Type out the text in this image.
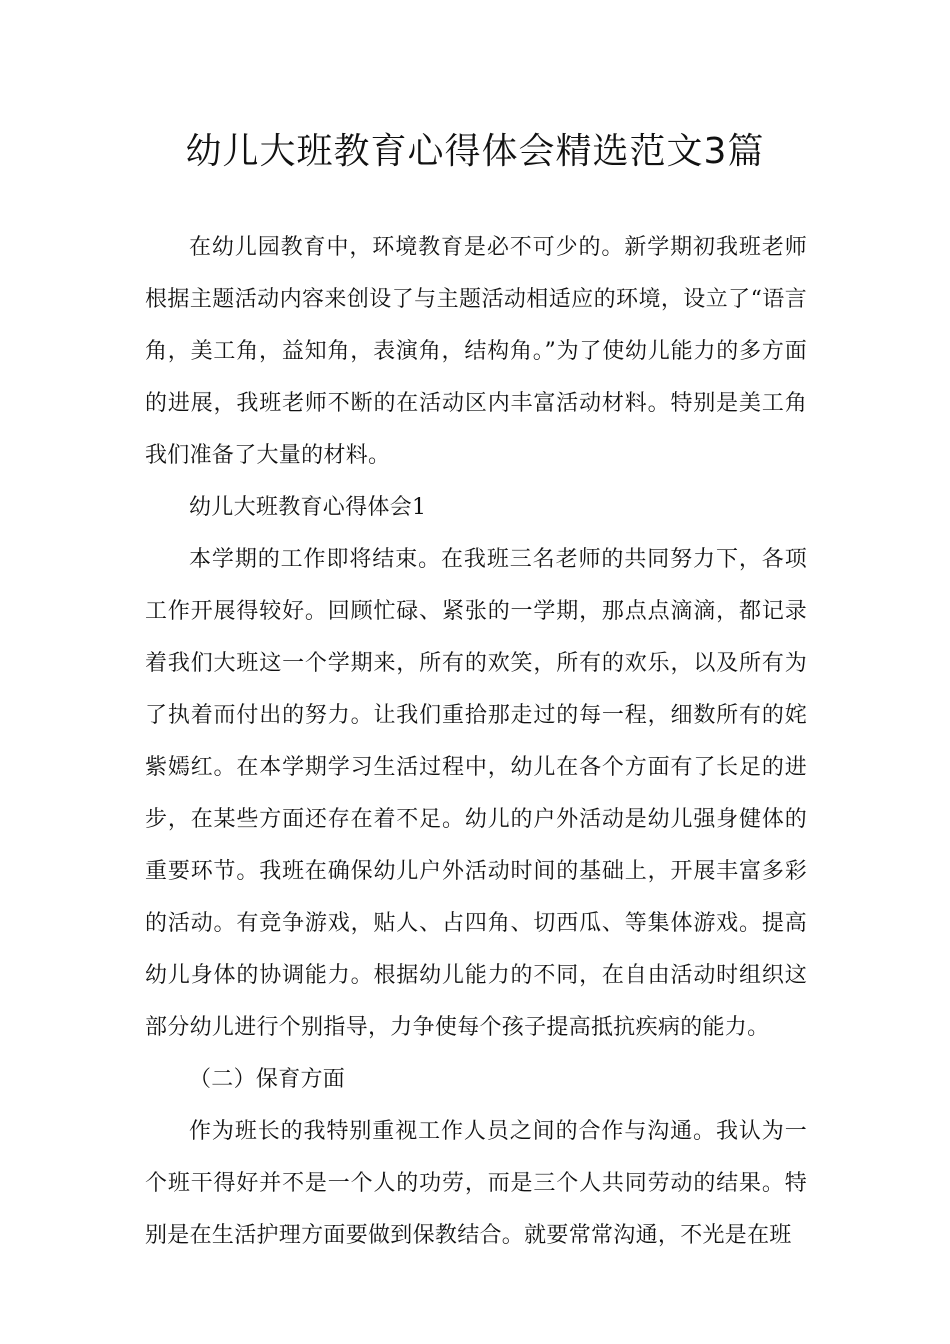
幼儿大班教育心得体会精选范文3篇

在幼儿园教育中，环境教育是必不可少的。新学期初我班老师根据主题活动内容来创设了与主题活动相适应的环境，设立了“语言角，美工角，益知角，表演角，结构角。”为了使幼儿能力的多方面的进展，我班老师不断的在活动区内丰富活动材料。特别是美工角我们准备了大量的材料。

幼儿大班教育心得体会1

本学期的工作即将结束。在我班三名老师的共同努力下，各项工作开展得较好。回顾忙碌、紧张的一学期，那点点滴滴，都记录着我们大班这一个学期来，所有的欢笑，所有的欢乐，以及所有为了执着而付出的努力。让我们重拾那走过的每一程，细数所有的姹紫嫣红。在本学期学习生活过程中，幼儿在各个方面有了长足的进步，在某些方面还存在着不足。幼儿的户外活动是幼儿强身健体的重要环节。我班在确保幼儿户外活动时间的基础上，开展丰富多彩的活动。有竞争游戏，贴人、占四角、切西瓜、等集体游戏。提高幼儿身体的协调能力。根据幼儿能力的不同，在自由活动时组织这部分幼儿进行个别指导，力争使每个孩子提高抵抗疾病的能力。

（二）保育方面

作为班长的我特别重视工作人员之间的合作与沟通。我认为一个班干得好并不是一个人的功劳，而是三个人共同劳动的结果。特别是在生活护理方面要做到保教结合。就要常常沟通，不光是在班
